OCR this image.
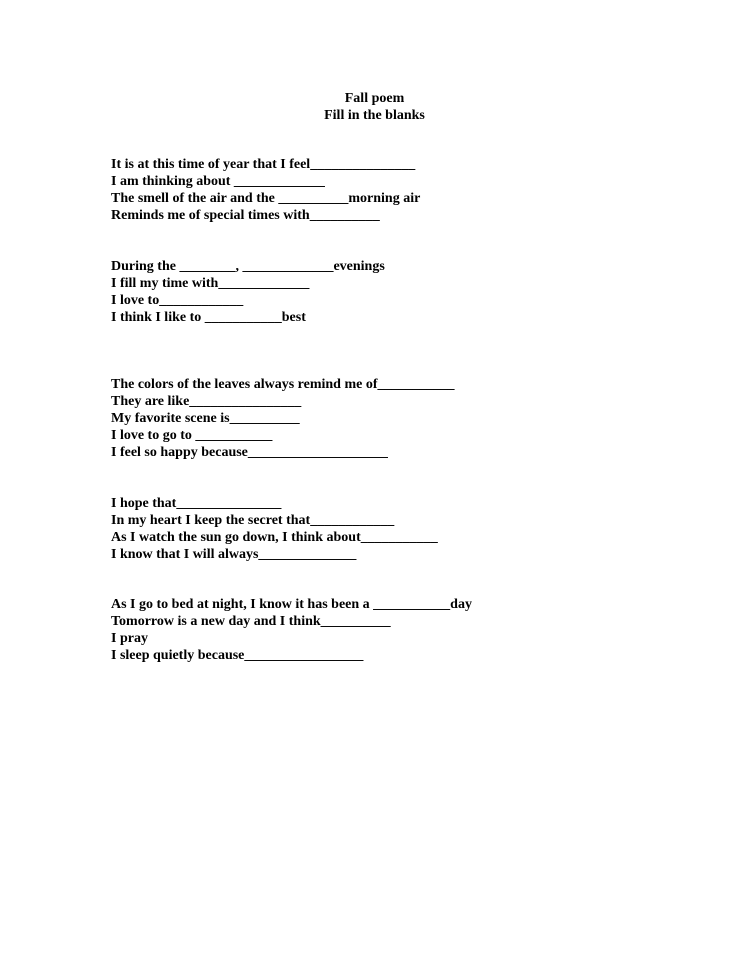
Fall poem
Fill in the blanks
It is at this time of year that I feel_______________
I am thinking about _____________
The smell of the air and the __________morning air
Reminds me of special times with__________
During the ________, _____________evenings
I fill my time with_____________
I love to____________
I think I like to ___________best
The colors of the leaves always remind me of___________
They are like________________
My favorite scene is__________
I love to go to ___________
I feel so happy because____________________
I hope that_______________
In my heart I keep the secret that____________
As I watch the sun go down, I think about___________
I know that I will always______________
As I go to bed at night, I know it has been a ___________day
Tomorrow is a new day and I think__________
I pray
I sleep quietly because_________________
